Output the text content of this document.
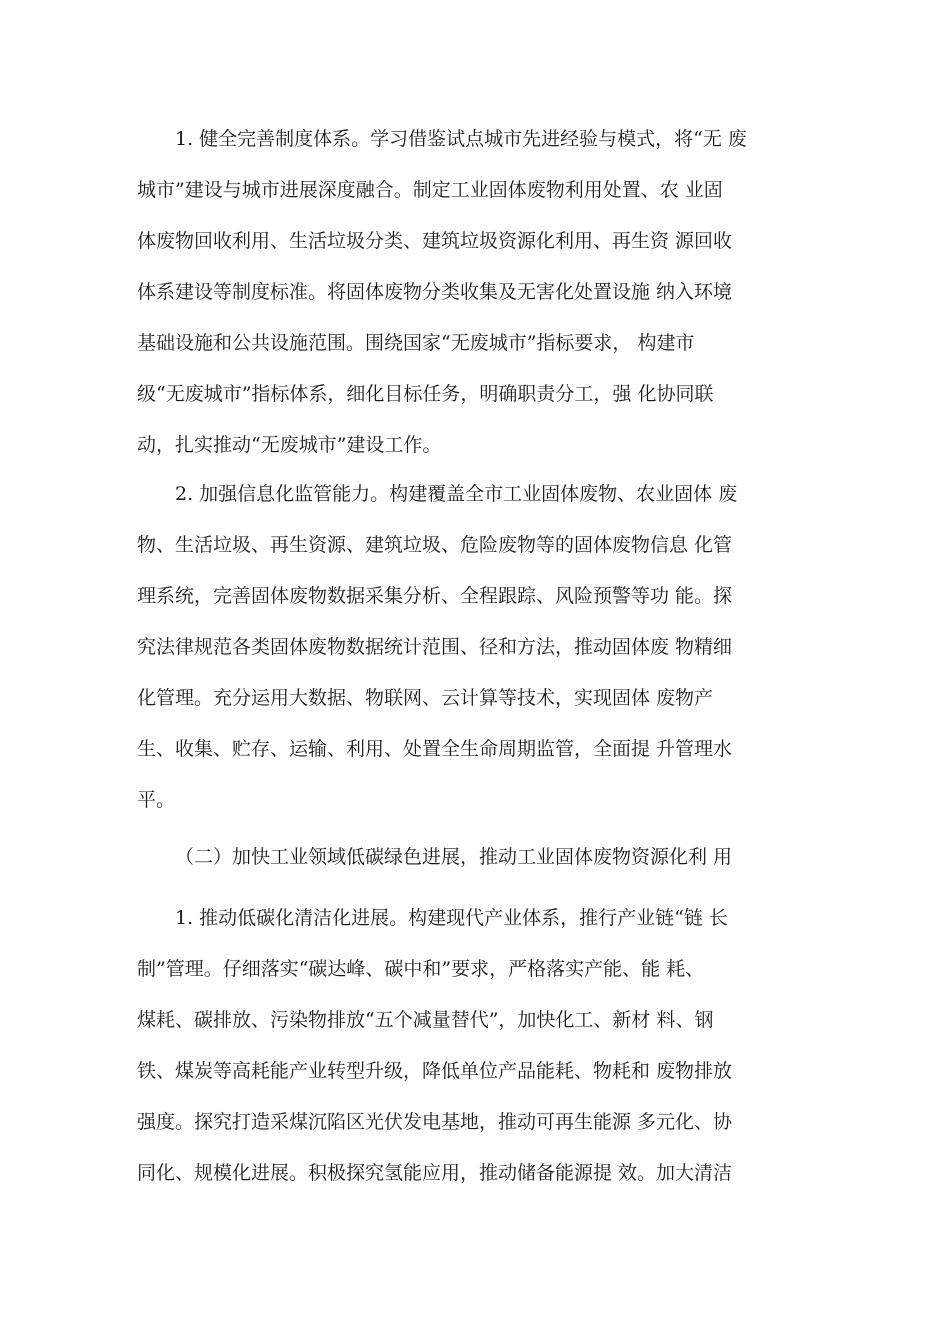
1. 健全完善制度体系。学习借鉴试点城市先进经验与模式，将“无 废
城市”建设与城市进展深度融合。制定工业固体废物利用处置、农 业固
体废物回收利用、生活垃圾分类、建筑垃圾资源化利用、再生资 源回收
体系建设等制度标准。将固体废物分类收集及无害化处置设施 纳入环境
基础设施和公共设施范围。围绕国家“无废城市”指标要求， 构建市
级“无废城市”指标体系，细化目标任务，明确职责分工，强 化协同联
动，扎实推动“无废城市”建设工作。
2. 加强信息化监管能力。构建覆盖全市工业固体废物、农业固体 废
物、生活垃圾、再生资源、建筑垃圾、危险废物等的固体废物信息 化管
理系统，完善固体废物数据采集分析、全程跟踪、风险预警等功 能。探
究法律规范各类固体废物数据统计范围、径和方法，推动固体废 物精细
化管理。充分运用大数据、物联网、云计算等技术，实现固体 废物产
生、收集、贮存、运输、利用、处置全生命周期监管，全面提 升管理水
平。
（二）加快工业领域低碳绿色进展，推动工业固体废物资源化利 用
1. 推动低碳化清洁化进展。构建现代产业体系，推行产业链“链 长
制”管理。仔细落实“碳达峰、碳中和”要求，严格落实产能、能 耗、
煤耗、碳排放、污染物排放“五个减量替代”，加快化工、新材 料、钢
铁、煤炭等高耗能产业转型升级，降低单位产品能耗、物耗和 废物排放
强度。探究打造采煤沉陷区光伏发电基地，推动可再生能源 多元化、协
同化、规模化进展。积极探究氢能应用，推动储备能源提 效。加大清洁
